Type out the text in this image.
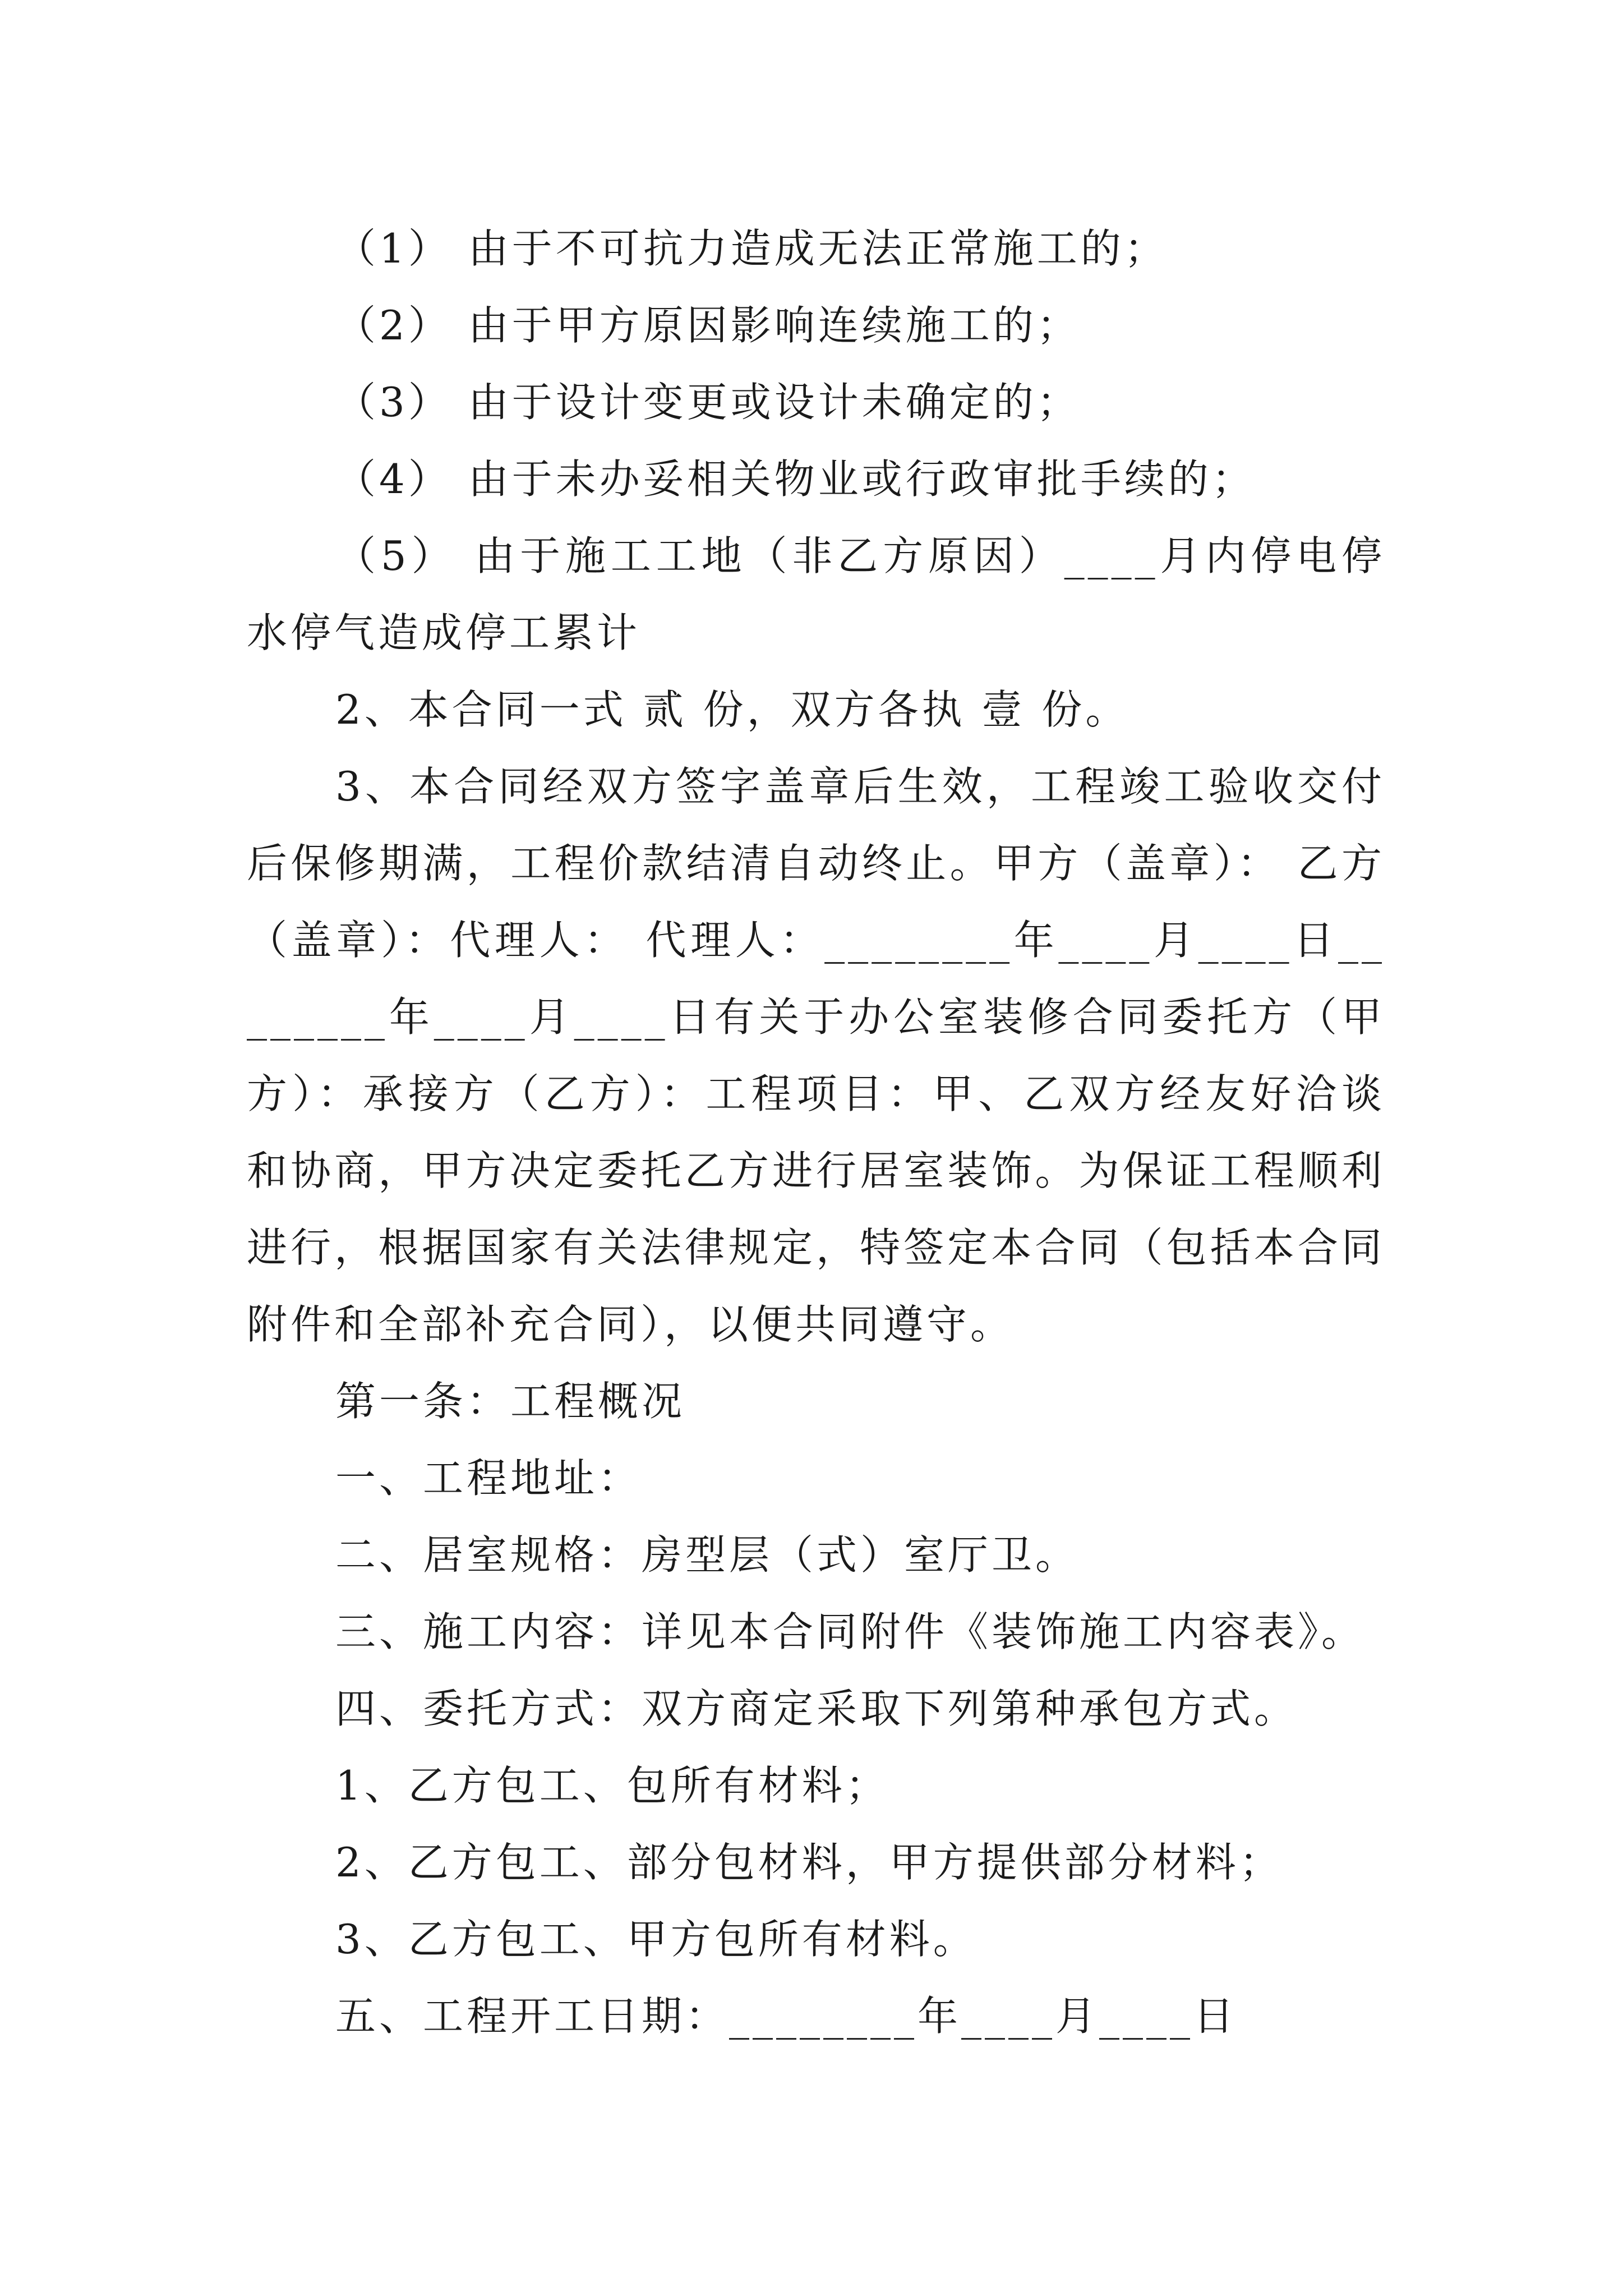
（1） 由于不可抗力造成无法正常施工的；

（2） 由于甲方原因影响连续施工的；

（3） 由于设计变更或设计未确定的；

（4） 由于未办妥相关物业或行政审批手续的；

（5） 由于施工工地（非乙方原因）____月内停电停水停气造成停工累计

2、本合同一式 贰 份，双方各执 壹 份。

3、本合同经双方签字盖章后生效，工程竣工验收交付后保修期满，工程价款结清自动终止。甲方（盖章）： 乙方（盖章）：代理人： 代理人：________年____月____日________年____月____日有关于办公室装修合同委托方（甲方）：承接方（乙方）：工程项目：甲、乙双方经友好洽谈和协商，甲方决定委托乙方进行居室装饰。为保证工程顺利进行，根据国家有关法律规定，特签定本合同（包括本合同附件和全部补充合同），以便共同遵守。

第一条：工程概况

一、工程地址：

二、居室规格：房型层（式）室厅卫。

三、施工内容：详见本合同附件《装饰施工内容表》。

四、委托方式：双方商定采取下列第种承包方式。

1、乙方包工、包所有材料；

2、乙方包工、部分包材料，甲方提供部分材料；

3、乙方包工、甲方包所有材料。

五、工程开工日期：________年____月____日
